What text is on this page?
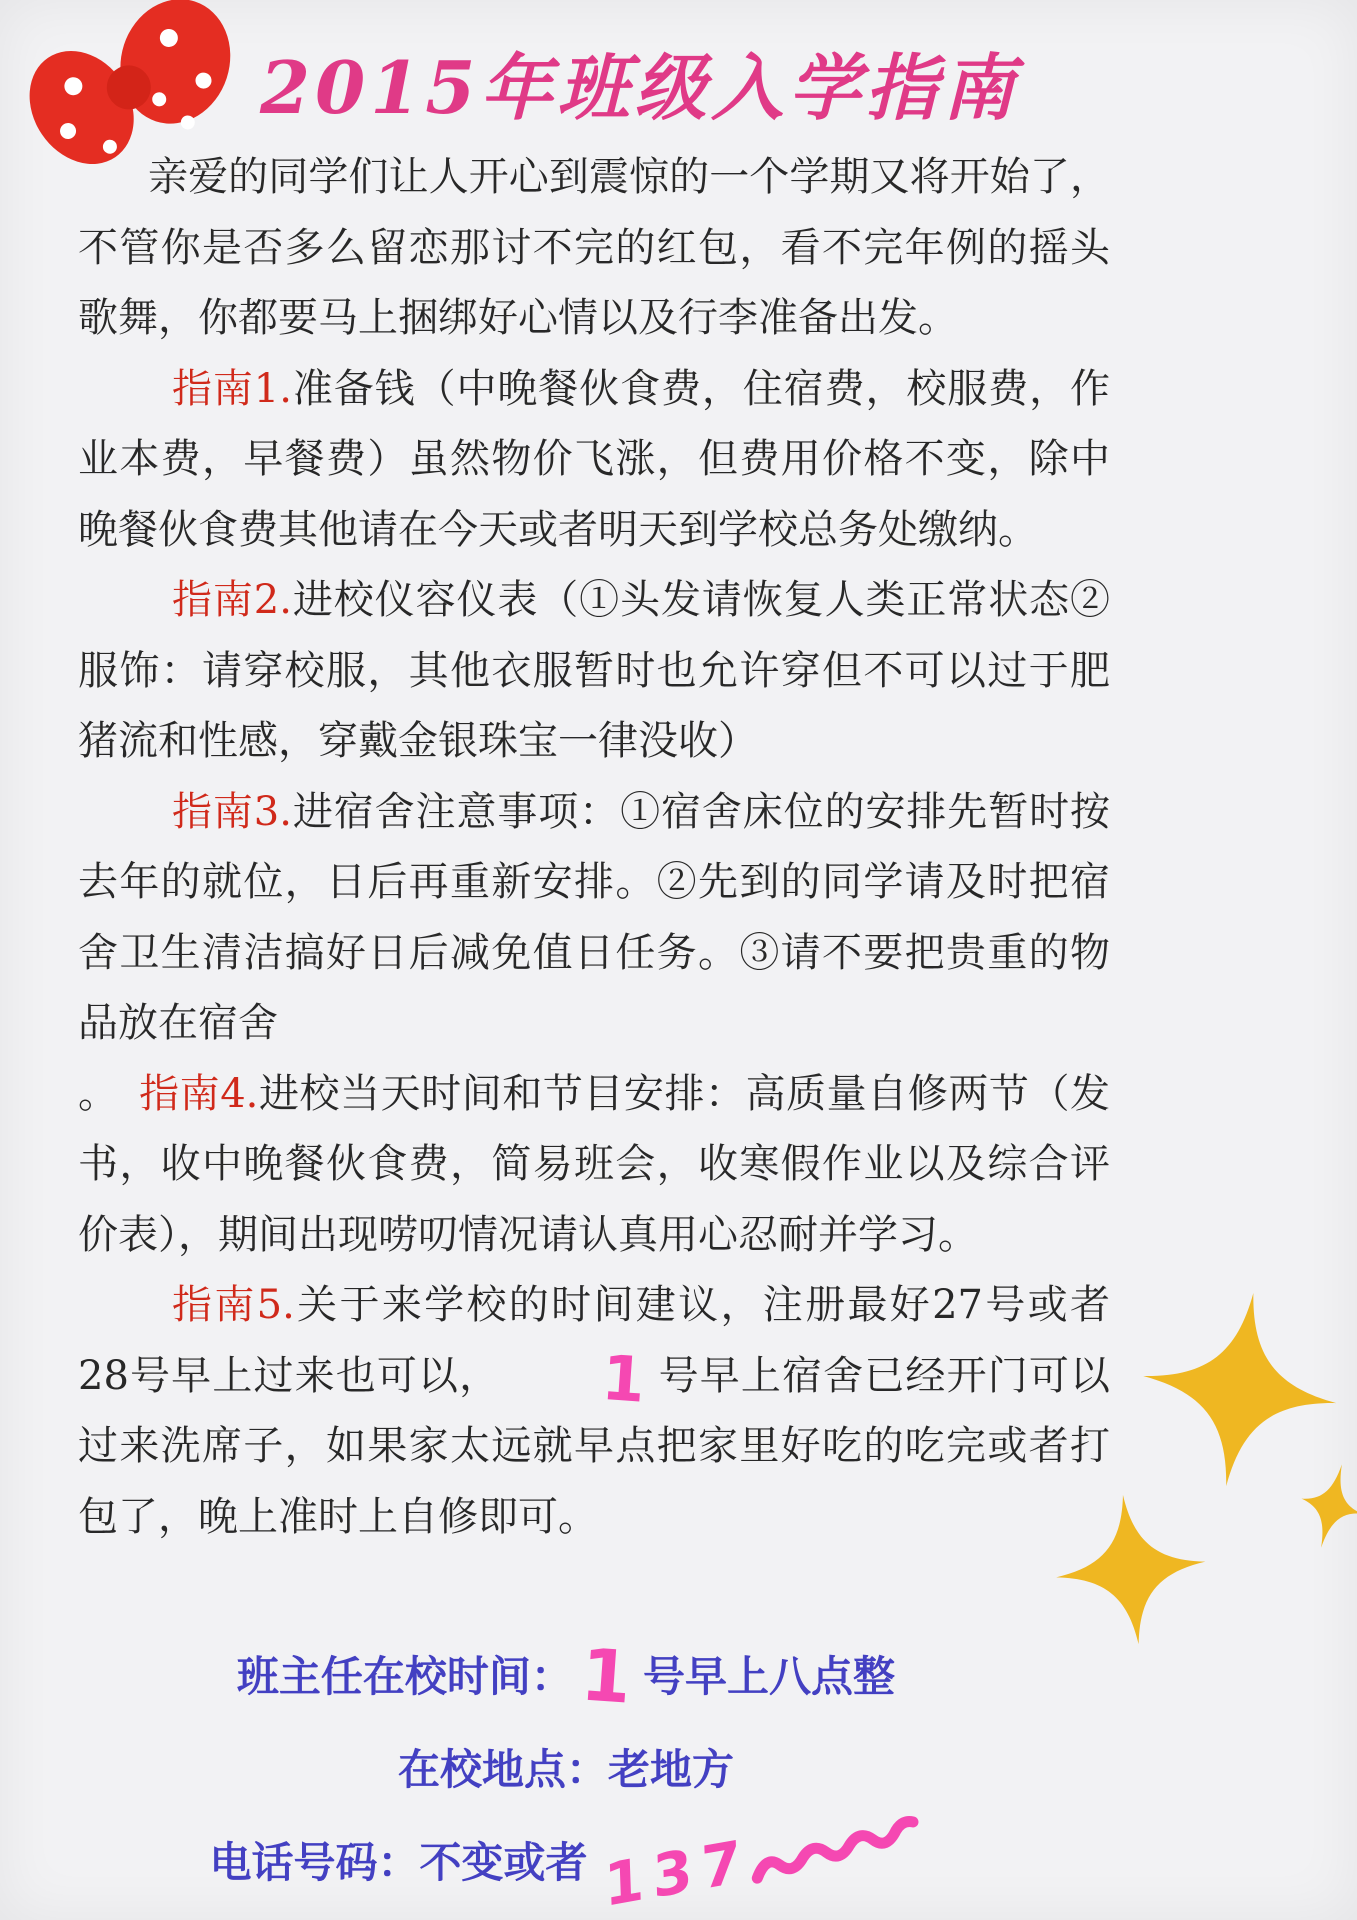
2015年班级入学指南

亲爱的同学们让人开心到震惊的一个学期又将开始了，不管你是否多么留恋那讨不完的红包，看不完年例的摇头歌舞，你都要马上捆绑好心情以及行李准备出发。

指南1.准备钱（中晚餐伙食费，住宿费，校服费，作业本费，早餐费）虽然物价飞涨，但费用价格不变，除中晚餐伙食费其他请在今天或者明天到学校总务处缴纳。

指南2.进校仪容仪表（①头发请恢复人类正常状态②服饰：请穿校服，其他衣服暂时也允许穿但不可以过于肥猪流和性感，穿戴金银珠宝一律没收）

指南3.进宿舍注意事项：①宿舍床位的安排先暂时按去年的就位，日后再重新安排。②先到的同学请及时把宿舍卫生清洁搞好日后减免值日任务。③请不要把贵重的物品放在宿舍

。　指南4.进校当天时间和节目安排：高质量自修两节（发书，收中晚餐伙食费，简易班会，收寒假作业以及综合评价表），期间出现唠叨情况请认真用心忍耐并学习。

指南5.关于来学校的时间建议，注册最好27号或者28号早上过来也可以， 1 号早上宿舍已经开门可以过来洗席子，如果家太远就早点把家里好吃的吃完或者打包了，晚上准时上自修即可。

班主任在校时间：1 号早上八点整

在校地点：老地方

电话号码：不变或者 137
